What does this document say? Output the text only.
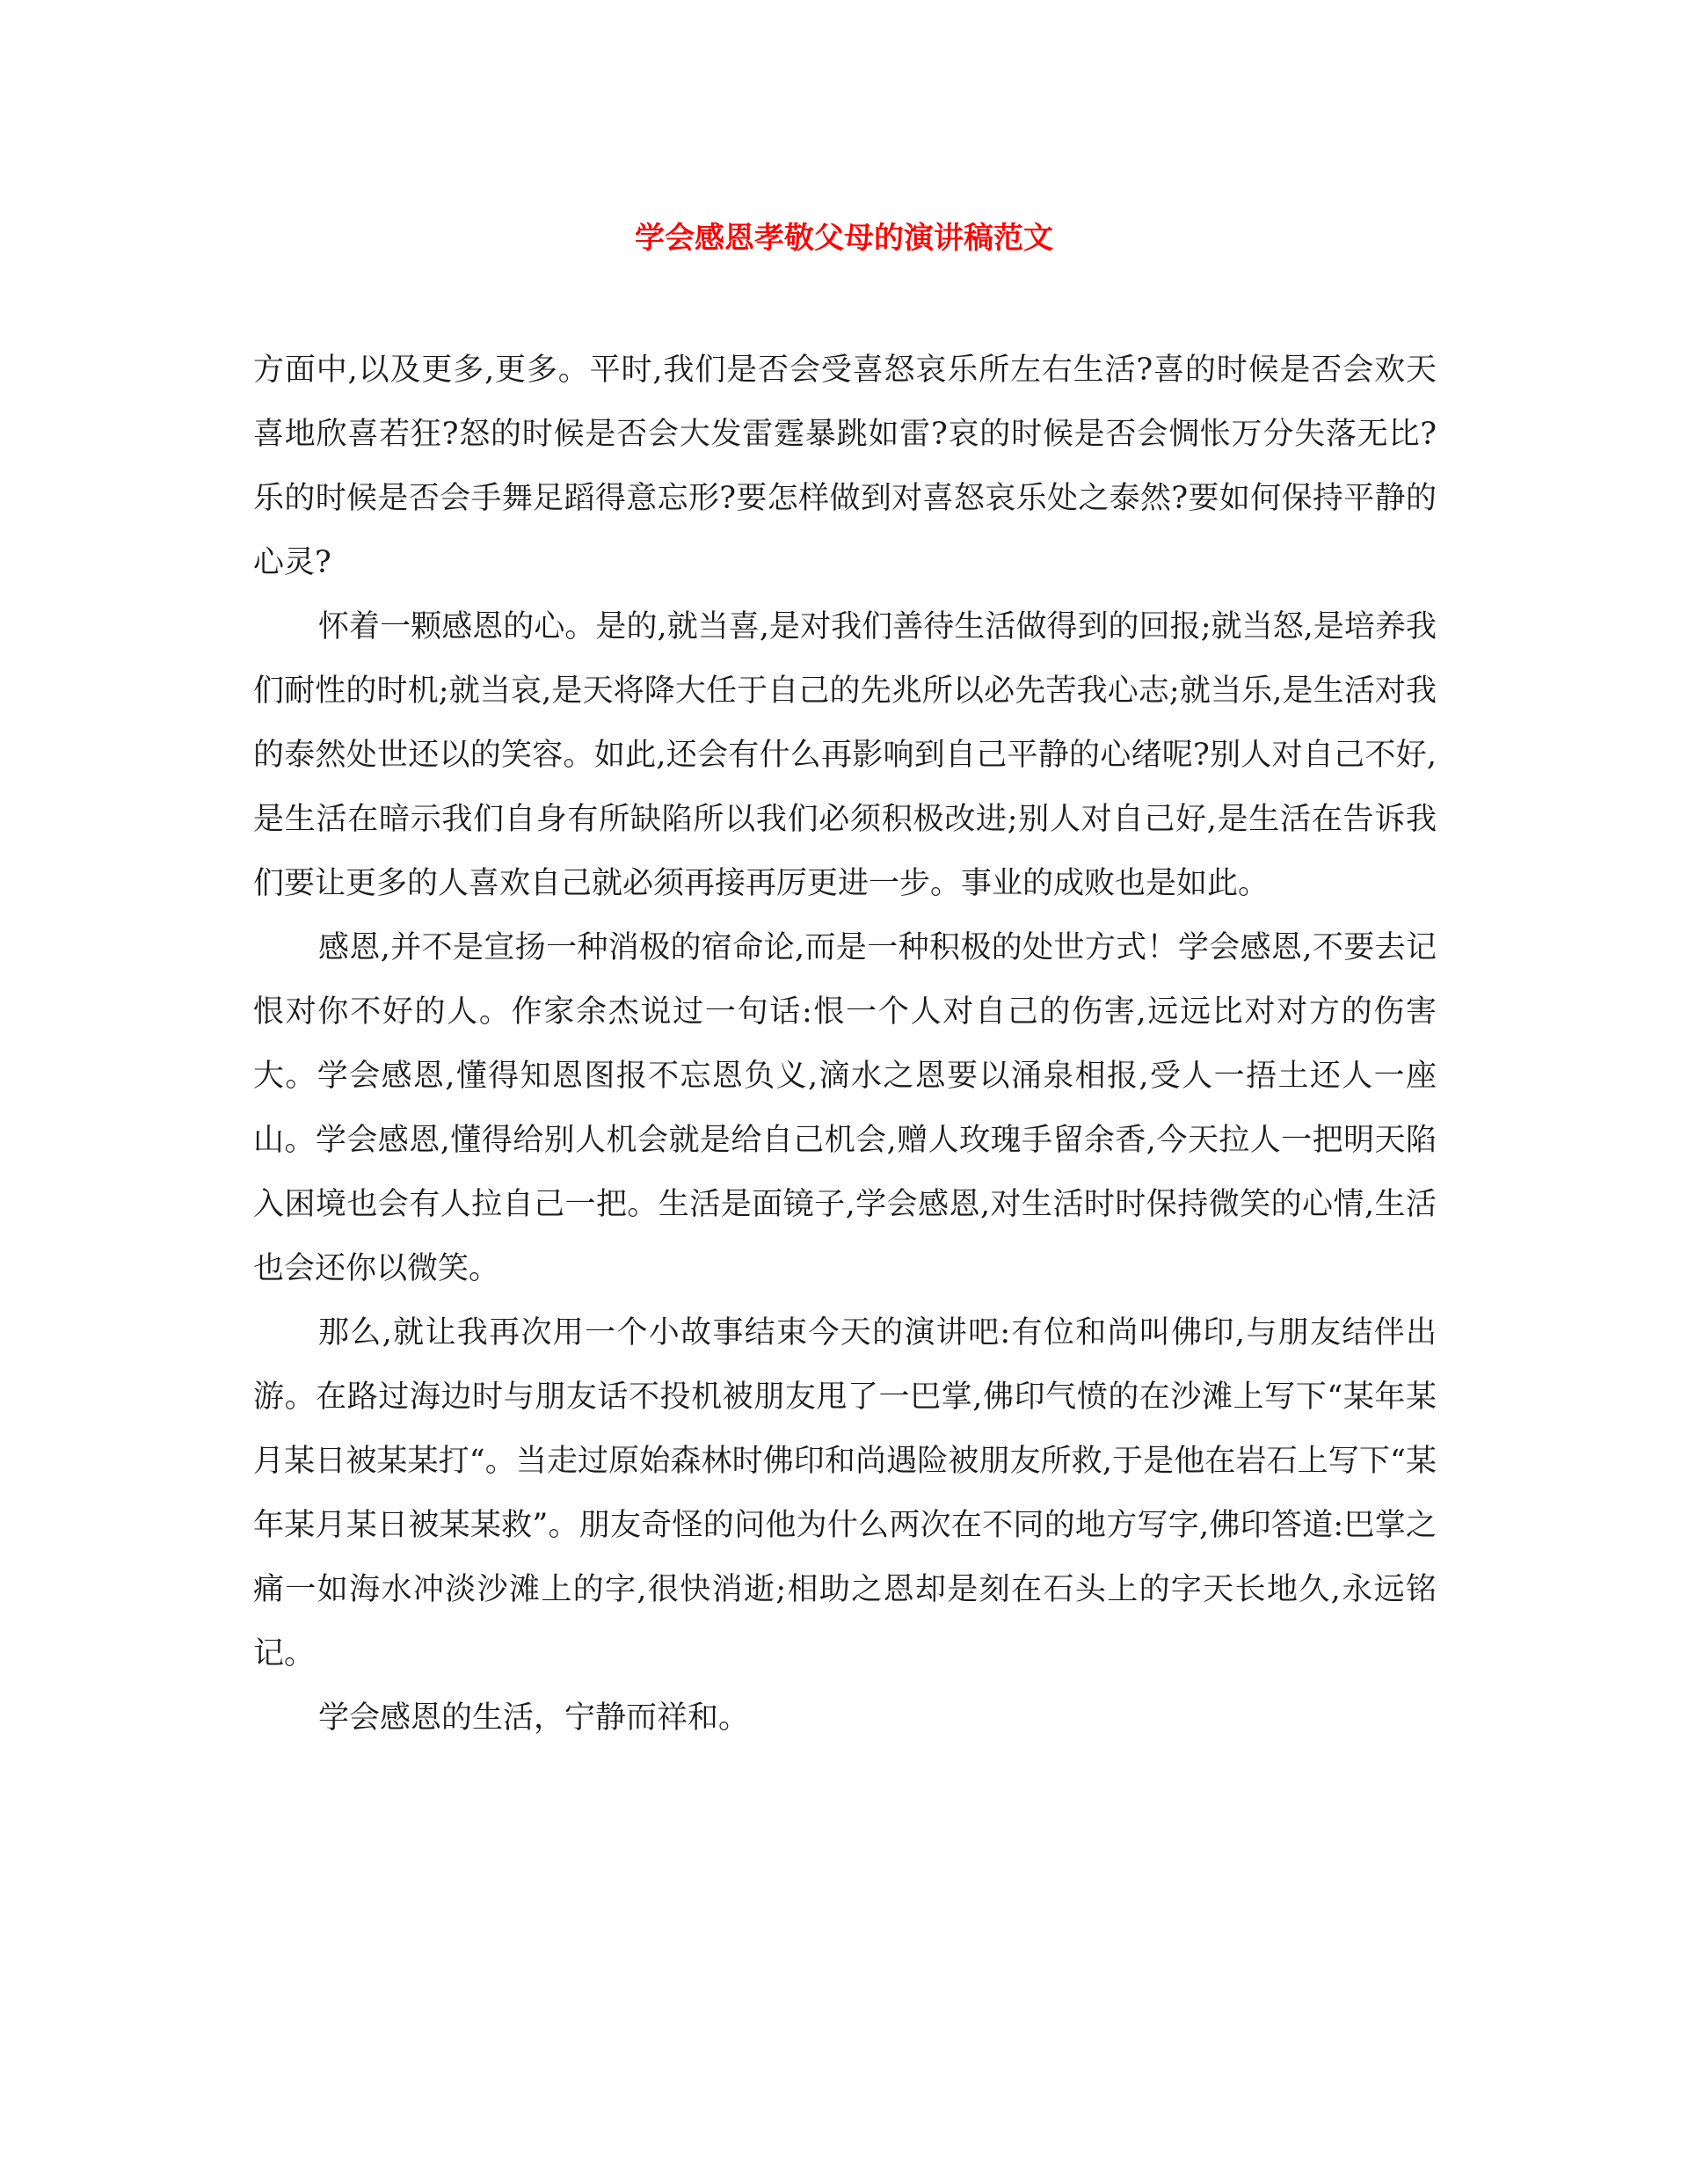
学会感恩孝敬父母的演讲稿范文

方面中,以及更多,更多。平时,我们是否会受喜怒哀乐所左右生活?喜的时候是否会欢天喜地欣喜若狂?怒的时候是否会大发雷霆暴跳如雷?哀的时候是否会惆怅万分失落无比?乐的时候是否会手舞足蹈得意忘形?要怎样做到对喜怒哀乐处之泰然?要如何保持平静的心灵?

怀着一颗感恩的心。是的,就当喜,是对我们善待生活做得到的回报;就当怒,是培养我们耐性的时机;就当哀,是天将降大任于自己的先兆所以必先苦我心志;就当乐,是生活对我的泰然处世还以的笑容。如此,还会有什么再影响到自己平静的心绪呢?别人对自己不好,是生活在暗示我们自身有所缺陷所以我们必须积极改进;别人对自己好,是生活在告诉我们要让更多的人喜欢自己就必须再接再厉更进一步。事业的成败也是如此。

感恩,并不是宣扬一种消极的宿命论,而是一种积极的处世方式！学会感恩,不要去记恨对你不好的人。作家余杰说过一句话:恨一个人对自己的伤害,远远比对对方的伤害大。学会感恩,懂得知恩图报不忘恩负义,滴水之恩要以涌泉相报,受人一捂土还人一座山。学会感恩,懂得给别人机会就是给自己机会,赠人玫瑰手留余香,今天拉人一把明天陷入困境也会有人拉自己一把。生活是面镜子,学会感恩,对生活时时保持微笑的心情,生活也会还你以微笑。

那么,就让我再次用一个小故事结束今天的演讲吧:有位和尚叫佛印,与朋友结伴出游。在路过海边时与朋友话不投机被朋友甩了一巴掌,佛印气愤的在沙滩上写下“某年某月某日被某某打“。当走过原始森林时佛印和尚遇险被朋友所救,于是他在岩石上写下“某年某月某日被某某救”。朋友奇怪的问他为什么两次在不同的地方写字,佛印答道:巴掌之痛一如海水冲淡沙滩上的字,很快消逝;相助之恩却是刻在石头上的字天长地久,永远铭记。

学会感恩的生活，宁静而祥和。
